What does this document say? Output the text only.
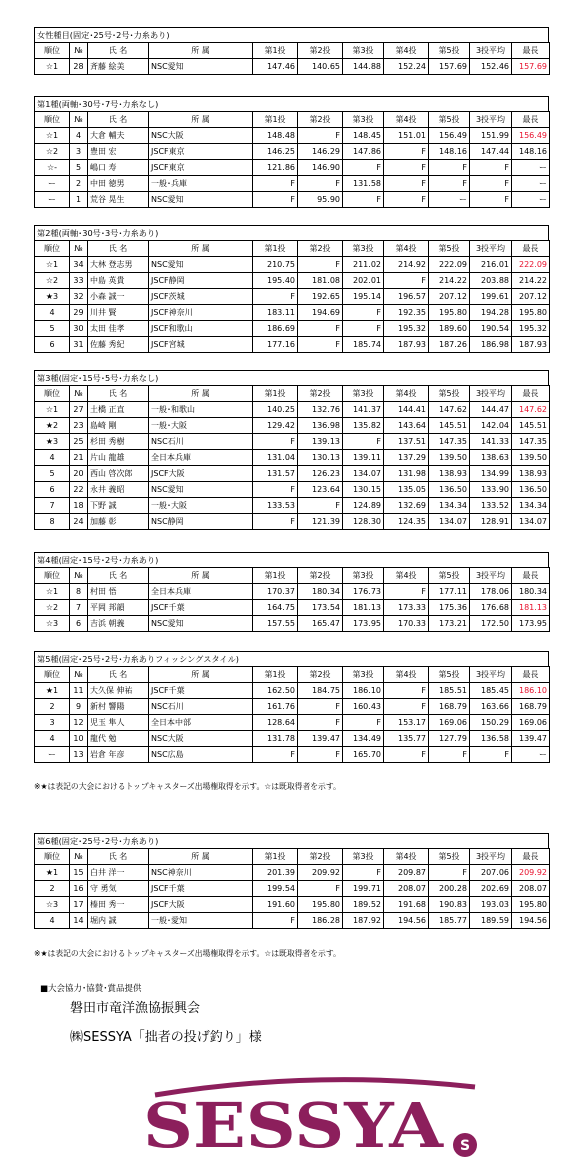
女性種目(固定･25号･2号･力糸あり)
順位	№	氏 名	所 属	第1投	第2投	第3投	第4投	第5投	3投平均	最長
☆1	28	斉藤 絵美	NSC愛知	147.46	140.65	144.88	152.24	157.69	152.46	157.69
第1種(両軸･30号･7号･力糸なし)
順位	№	氏 名	所 属	第1投	第2投	第3投	第4投	第5投	3投平均	最長
☆1	4	大倉 輔夫	NSC大阪	148.48	F	148.45	151.01	156.49	151.99	156.49
☆2	3	豊田 宏	JSCF東京	146.25	146.29	147.86	F	148.16	147.44	148.16
☆-	5	嶋口 寿	JSCF東京	121.86	146.90	F	F	F	F	ー
ー	2	中田 徳男	一般･兵庫	F	F	131.58	F	F	F	ー
ー	1	荒谷 晃生	NSC愛知	F	95.90	F	F	ー	F	ー
第2種(両軸･30号･3号･力糸あり)
順位	№	氏 名	所 属	第1投	第2投	第3投	第4投	第5投	3投平均	最長
☆1	34	大林 登志男	NSC愛知	210.75	F	211.02	214.92	222.09	216.01	222.09
☆2	33	中島 英貴	JSCF静岡	195.40	181.08	202.01	F	214.22	203.88	214.22
★3	32	小森 誠一	JSCF茨城	F	192.65	195.14	196.57	207.12	199.61	207.12
4	29	川井 賢	JSCF神奈川	183.11	194.69	F	192.35	195.80	194.28	195.80
5	30	太田 佳孝	JSCF和歌山	186.69	F	F	195.32	189.60	190.54	195.32
6	31	佐藤 秀紀	JSCF宮城	177.16	F	185.74	187.93	187.26	186.98	187.93
第3種(固定･15号･5号･力糸なし)
順位	№	氏 名	所 属	第1投	第2投	第3投	第4投	第5投	3投平均	最長
☆1	27	土橋 正直	一般･和歌山	140.25	132.76	141.37	144.41	147.62	144.47	147.62
★2	23	島崎 剛	一般･大阪	129.42	136.98	135.82	143.64	145.51	142.04	145.51
★3	25	杉田 秀樹	NSC石川	F	139.13	F	137.51	147.35	141.33	147.35
4	21	片山 龍雄	全日本兵庫	131.04	130.13	139.11	137.29	139.50	138.63	139.50
5	20	西山 啓次郎	JSCF大阪	131.57	126.23	134.07	131.98	138.93	134.99	138.93
6	22	永井 義昭	NSC愛知	F	123.64	130.15	135.05	136.50	133.90	136.50
7	18	下野 誠	一般･大阪	133.53	F	124.89	132.69	134.34	133.52	134.34
8	24	加藤 彰	NSC静岡	F	121.39	128.30	124.35	134.07	128.91	134.07
第4種(固定･15号･2号･力糸あり)
順位	№	氏 名	所 属	第1投	第2投	第3投	第4投	第5投	3投平均	最長
☆1	8	村田 悟	全日本兵庫	170.37	180.34	176.73	F	177.11	178.06	180.34
☆2	7	平岡 邦韻	JSCF千葉	164.75	173.54	181.13	173.33	175.36	176.68	181.13
☆3	6	吉浜 朝義	NSC愛知	157.55	165.47	173.95	170.33	173.21	172.50	173.95
第5種(固定･25号･2号･力糸ありフィッシングスタイル)
順位	№	氏 名	所 属	第1投	第2投	第3投	第4投	第5投	3投平均	最長
★1	11	大久保 伸祐	JSCF千葉	162.50	184.75	186.10	F	185.51	185.45	186.10
2	9	新村 響陽	NSC石川	161.76	F	160.43	F	168.79	163.66	168.79
3	12	児玉 隼人	全日本中部	128.64	F	F	153.17	169.06	150.29	169.06
4	10	龍代 勉	NSC大阪	131.78	139.47	134.49	135.77	127.79	136.58	139.47
ー	13	岩倉 年彦	NSC広島	F	F	165.70	F	F	F	ー
第6種(固定･25号･2号･力糸あり)
順位	№	氏 名	所 属	第1投	第2投	第3投	第4投	第5投	3投平均	最長
★1	15	白井 洋一	NSC神奈川	201.39	209.92	F	209.87	F	207.06	209.92
2	16	守 勇気	JSCF千葉	199.54	F	199.71	208.07	200.28	202.69	208.07
☆3	17	榛田 秀一	JSCF大阪	191.60	195.80	189.52	191.68	190.83	193.03	195.80
4	14	堀内 誠	一般･愛知	F	186.28	187.92	194.56	185.77	189.59	194.56
※★は表記の大会におけるトップキャスターズ出場権取得を示す。☆は既取得者を示す。
※★は表記の大会におけるトップキャスターズ出場権取得を示す。☆は既取得者を示す。
■大会協力･協賛･賞品提供
磐田市竜洋漁協振興会
㈱SESSYA「拙者の投げ釣り」様
SESSYA S
